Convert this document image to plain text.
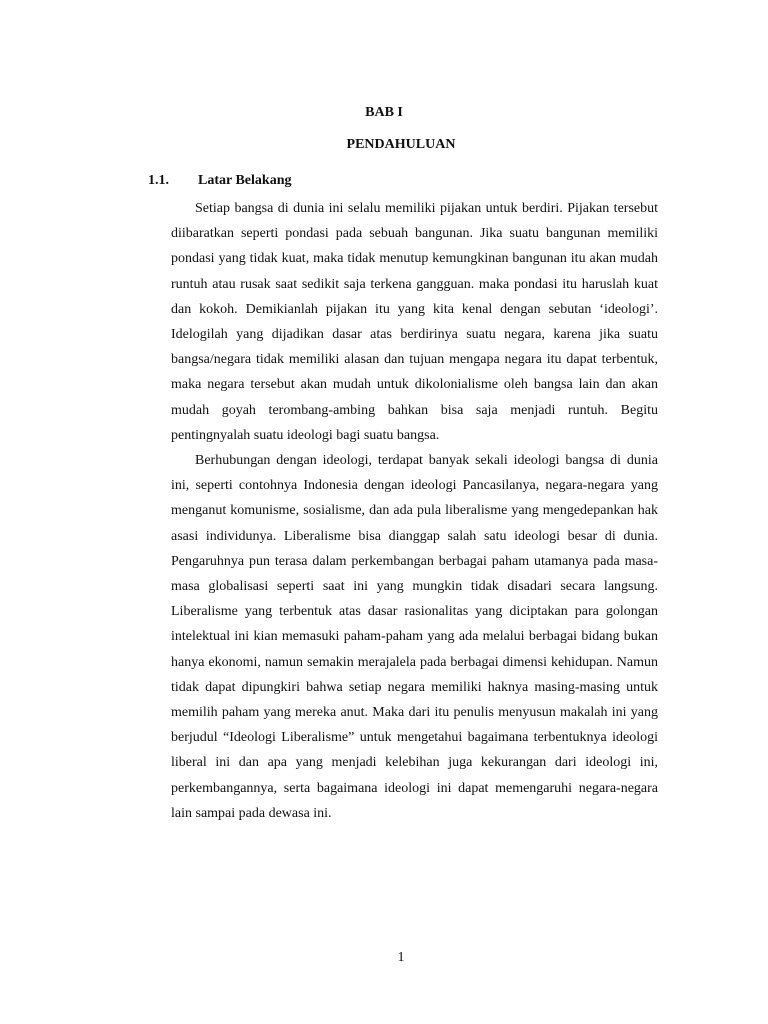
BAB I
PENDAHULUAN
1.1. Latar Belakang

Setiap bangsa di dunia ini selalu memiliki pijakan untuk berdiri. Pijakan tersebut diibaratkan seperti pondasi pada sebuah bangunan. Jika suatu bangunan memiliki pondasi yang tidak kuat, maka tidak menutup kemungkinan bangunan itu akan mudah runtuh atau rusak saat sedikit saja terkena gangguan. maka pondasi itu haruslah kuat dan kokoh. Demikianlah pijakan itu yang kita kenal dengan sebutan ‘ideologi’. Idelogilah yang dijadikan dasar atas berdirinya suatu negara, karena jika suatu bangsa/negara tidak memiliki alasan dan tujuan mengapa negara itu dapat terbentuk, maka negara tersebut akan mudah untuk dikolonialisme oleh bangsa lain dan akan mudah goyah terombang-ambing bahkan bisa saja menjadi runtuh. Begitu pentingnyalah suatu ideologi bagi suatu bangsa.

Berhubungan dengan ideologi, terdapat banyak sekali ideologi bangsa di dunia ini, seperti contohnya Indonesia dengan ideologi Pancasilanya, negara-negara yang menganut komunisme, sosialisme, dan ada pula liberalisme yang mengedepankan hak asasi individunya. Liberalisme bisa dianggap salah satu ideologi besar di dunia. Pengaruhnya pun terasa dalam perkembangan berbagai paham utamanya pada masa-masa globalisasi seperti saat ini yang mungkin tidak disadari secara langsung. Liberalisme yang terbentuk atas dasar rasionalitas yang diciptakan para golongan intelektual ini kian memasuki paham-paham yang ada melalui berbagai bidang bukan hanya ekonomi, namun semakin merajalela pada berbagai dimensi kehidupan. Namun tidak dapat dipungkiri bahwa setiap negara memiliki haknya masing-masing untuk memilih paham yang mereka anut. Maka dari itu penulis menyusun makalah ini yang berjudul “Ideologi Liberalisme” untuk mengetahui bagaimana terbentuknya ideologi liberal ini dan apa yang menjadi kelebihan juga kekurangan dari ideologi ini, perkembangannya, serta bagaimana ideologi ini dapat memengaruhi negara-negara lain sampai pada dewasa ini.

1
